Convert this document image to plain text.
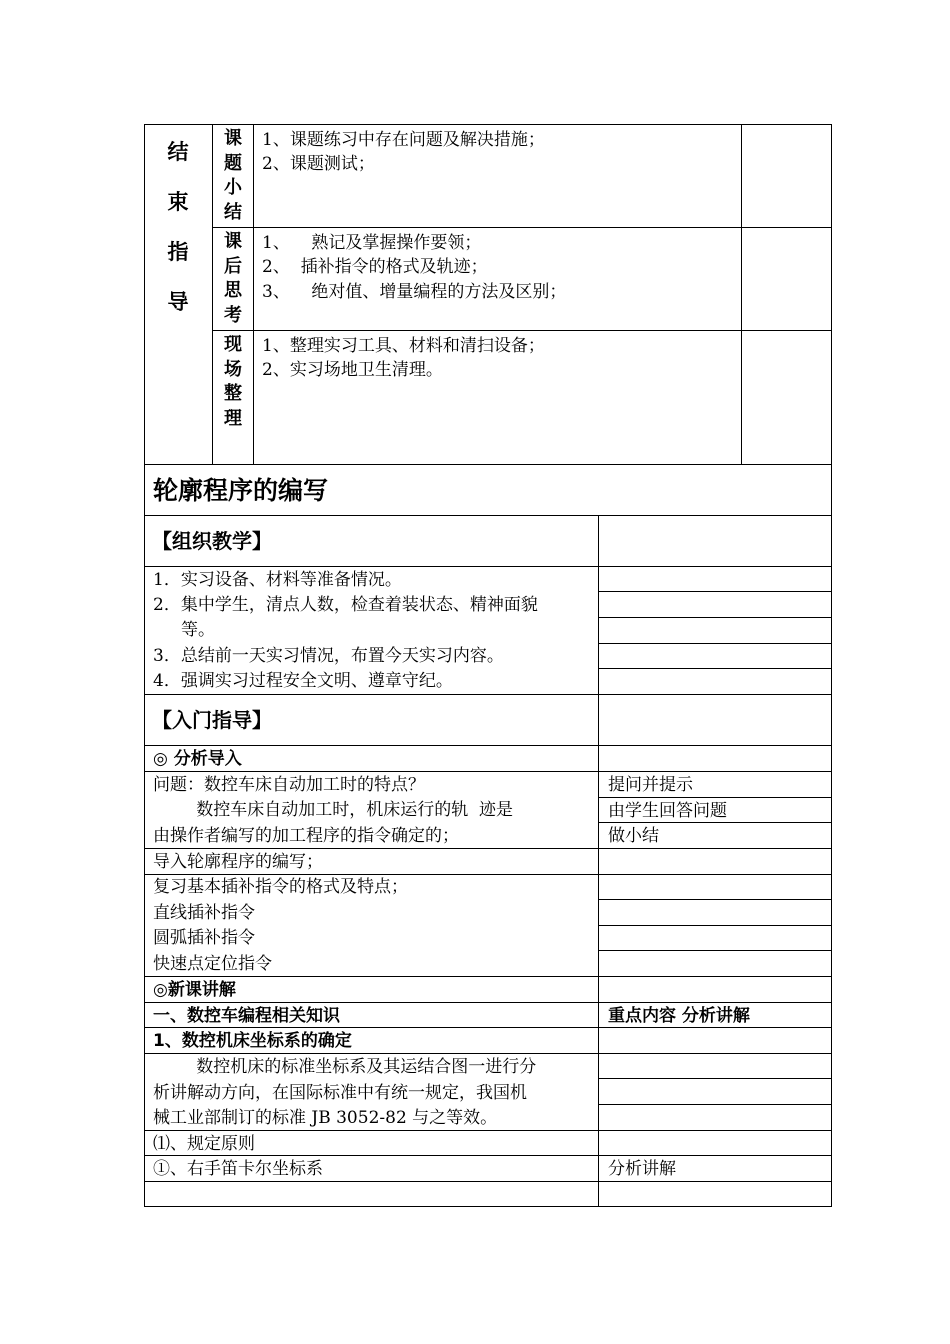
结
束
指
导
课
题
小
结
1、课题练习中存在问题及解决措施；
2、课题测试；
课
后
思
考
1、    熟记及掌握操作要领；
2、  插补指令的格式及轨迹；
3、    绝对值、增量编程的方法及区别；
现
场
整
理
1、整理实习工具、材料和清扫设备；
2、实习场地卫生清理。
轮廓程序的编写
【组织教学】
1．实习设备、材料等准备情况。
2．集中学生，清点人数，检查着装状态、精神面貌
等。
3．总结前一天实习情况，布置今天实习内容。
4．强调实习过程安全文明、遵章守纪。
【入门指导】
◎ 分析导入
问题：数控车床自动加工时的特点？
数控车床自动加工时，机床运行的轨  迹是
由操作者编写的加工程序的指令确定的；
提问并提示
由学生回答问题
做小结
导入轮廓程序的编写；
复习基本插补指令的格式及特点；
直线插补指令
圆弧插补指令
快速点定位指令
◎新课讲解
一、数控车编程相关知识	重点内容 分析讲解
1、数控机床坐标系的确定
数控机床的标准坐标系及其运结合图一进行分
析讲解动方向，在国际标准中有统一规定，我国机
械工业部制订的标准 JB 3052-82 与之等效。
⑴、规定原则
①、右手笛卡尔坐标系	分析讲解
